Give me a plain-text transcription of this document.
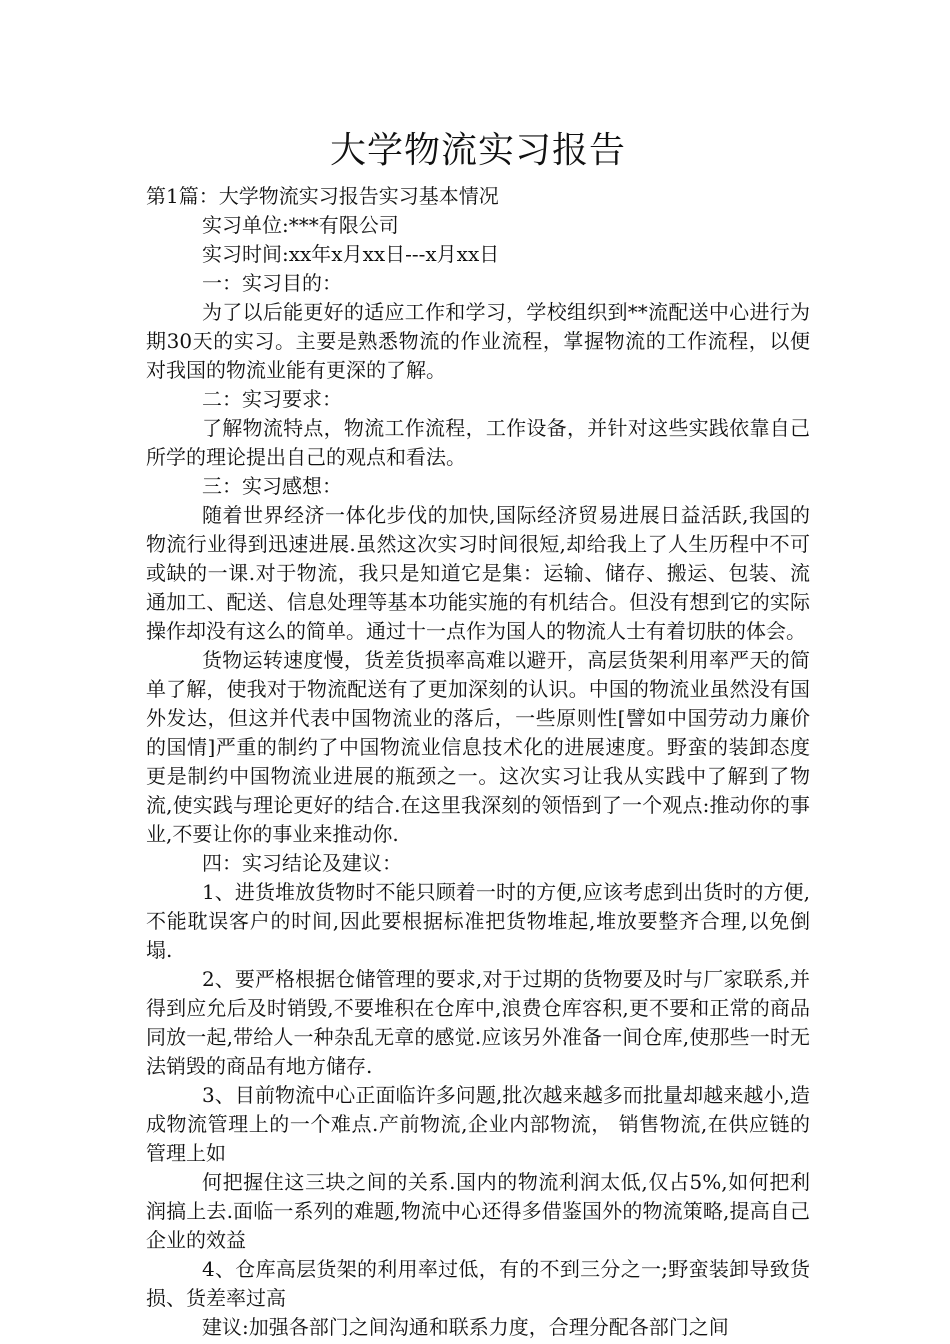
大学物流实习报告

第1篇：大学物流实习报告实习基本情况

实习单位:***有限公司

实习时间:xx年x月xx日---x月xx日

一：实习目的：

为了以后能更好的适应工作和学习，学校组织到**流配送中心进行为期30天的实习。主要是熟悉物流的作业流程，掌握物流的工作流程，以便对我国的物流业能有更深的了解。

二：实习要求：

了解物流特点，物流工作流程，工作设备，并针对这些实践依靠自己所学的理论提出自己的观点和看法。

三：实习感想：

随着世界经济一体化步伐的加快,国际经济贸易进展日益活跃,我国的物流行业得到迅速进展.虽然这次实习时间很短,却给我上了人生历程中不可或缺的一课.对于物流，我只是知道它是集：运输、储存、搬运、包装、流通加工、配送、信息处理等基本功能实施的有机结合。但没有想到它的实际操作却没有这么的简单。通过十一点作为国人的物流人士有着切肤的体会。

货物运转速度慢，货差货损率高难以避开，高层货架利用率严天的简单了解，使我对于物流配送有了更加深刻的认识。中国的物流业虽然没有国外发达，但这并代表中国物流业的落后，一些原则性[譬如中国劳动力廉价的国情]严重的制约了中国物流业信息技术化的进展速度。野蛮的装卸态度更是制约中国物流业进展的瓶颈之一。这次实习让我从实践中了解到了物流,使实践与理论更好的结合.在这里我深刻的领悟到了一个观点:推动你的事业,不要让你的事业来推动你.

四：实习结论及建议：

1、进货堆放货物时不能只顾着一时的方便,应该考虑到出货时的方便,不能耽误客户的时间,因此要根据标准把货物堆起,堆放要整齐合理,以免倒塌.

2、要严格根据仓储管理的要求,对于过期的货物要及时与厂家联系,并得到应允后及时销毁,不要堆积在仓库中,浪费仓库容积,更不要和正常的商品同放一起,带给人一种杂乱无章的感觉.应该另外准备一间仓库,使那些一时无法销毁的商品有地方储存.

3、目前物流中心正面临许多问题,批次越来越多而批量却越来越小,造成物流管理上的一个难点.产前物流,企业内部物流， 销售物流,在供应链的管理上如

何把握住这三块之间的关系.国内的物流利润太低,仅占5%,如何把利润搞上去.面临一系列的难题,物流中心还得多借鉴国外的物流策略,提高自己企业的效益

4、仓库高层货架的利用率过低，有的不到三分之一;野蛮装卸导致货损、货差率过高

建议:加强各部门之间沟通和联系力度，合理分配各部门之间
